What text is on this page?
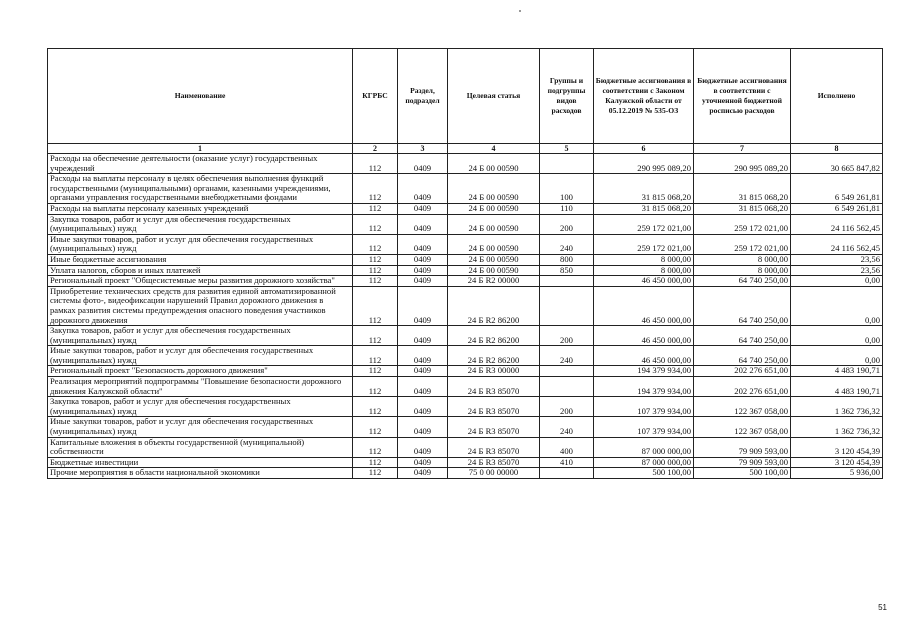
Наименование	КГРБС	Раздел, подраздел	Целевая статья	Группы и подгруппы видов расходов	Бюджетные ассигнования в соответствии с Законом Калужской области от 05.12.2019 № 535-ОЗ	Бюджетные ассигнования в соответствии с уточненной бюджетной росписью расходов	Исполнено
1	2	3	4	5	6	7	8
Расходы на обеспечение деятельности (оказание услуг) государственных учреждений	112	0409	24 Б 00 00590		290 995 089,20	290 995 089,20	30 665 847,82
Расходы на выплаты персоналу в целях обеспечения выполнения функций государственными (муниципальными) органами, казенными учреждениями, органами управления государственными внебюджетными фондами	112	0409	24 Б 00 00590	100	31 815 068,20	31 815 068,20	6 549 261,81
Расходы на выплаты персоналу казенных учреждений	112	0409	24 Б 00 00590	110	31 815 068,20	31 815 068,20	6 549 261,81
Закупка товаров, работ и услуг для обеспечения государственных (муниципальных) нужд	112	0409	24 Б 00 00590	200	259 172 021,00	259 172 021,00	24 116 562,45
Иные закупки товаров, работ и услуг для обеспечения государственных (муниципальных) нужд	112	0409	24 Б 00 00590	240	259 172 021,00	259 172 021,00	24 116 562,45
Иные бюджетные ассигнования	112	0409	24 Б 00 00590	800	8 000,00	8 000,00	23,56
Уплата налогов, сборов и иных платежей	112	0409	24 Б 00 00590	850	8 000,00	8 000,00	23,56
Региональный проект "Общесистемные меры развития дорожного хозяйства"	112	0409	24 Б R2 00000		46 450 000,00	64 740 250,00	0,00
Приобретение технических средств для развития единой автоматизированной системы фото-, видеофиксации нарушений Правил дорожного движения в рамках развития системы предупреждения опасного поведения участников дорожного движения	112	0409	24 Б R2 86200		46 450 000,00	64 740 250,00	0,00
Закупка товаров, работ и услуг для обеспечения государственных (муниципальных) нужд	112	0409	24 Б R2 86200	200	46 450 000,00	64 740 250,00	0,00
Иные закупки товаров, работ и услуг для обеспечения государственных (муниципальных) нужд	112	0409	24 Б R2 86200	240	46 450 000,00	64 740 250,00	0,00
Региональный проект "Безопасность дорожного движения"	112	0409	24 Б R3 00000		194 379 934,00	202 276 651,00	4 483 190,71
Реализация мероприятий подпрограммы "Повышение безопасности дорожного движения Калужской области"	112	0409	24 Б R3 85070		194 379 934,00	202 276 651,00	4 483 190,71
Закупка товаров, работ и услуг для обеспечения государственных (муниципальных) нужд	112	0409	24 Б R3 85070	200	107 379 934,00	122 367 058,00	1 362 736,32
Иные закупки товаров, работ и услуг для обеспечения государственных (муниципальных) нужд	112	0409	24 Б R3 85070	240	107 379 934,00	122 367 058,00	1 362 736,32
Капитальные вложения в объекты государственной (муниципальной) собственности	112	0409	24 Б R3 85070	400	87 000 000,00	79 909 593,00	3 120 454,39
Бюджетные инвестиции	112	0409	24 Б R3 85070	410	87 000 000,00	79 909 593,00	3 120 454,39
Прочие мероприятия в области национальной экономики	112	0409	75 0 00 00000		500 100,00	500 100,00	5 936,00
51
